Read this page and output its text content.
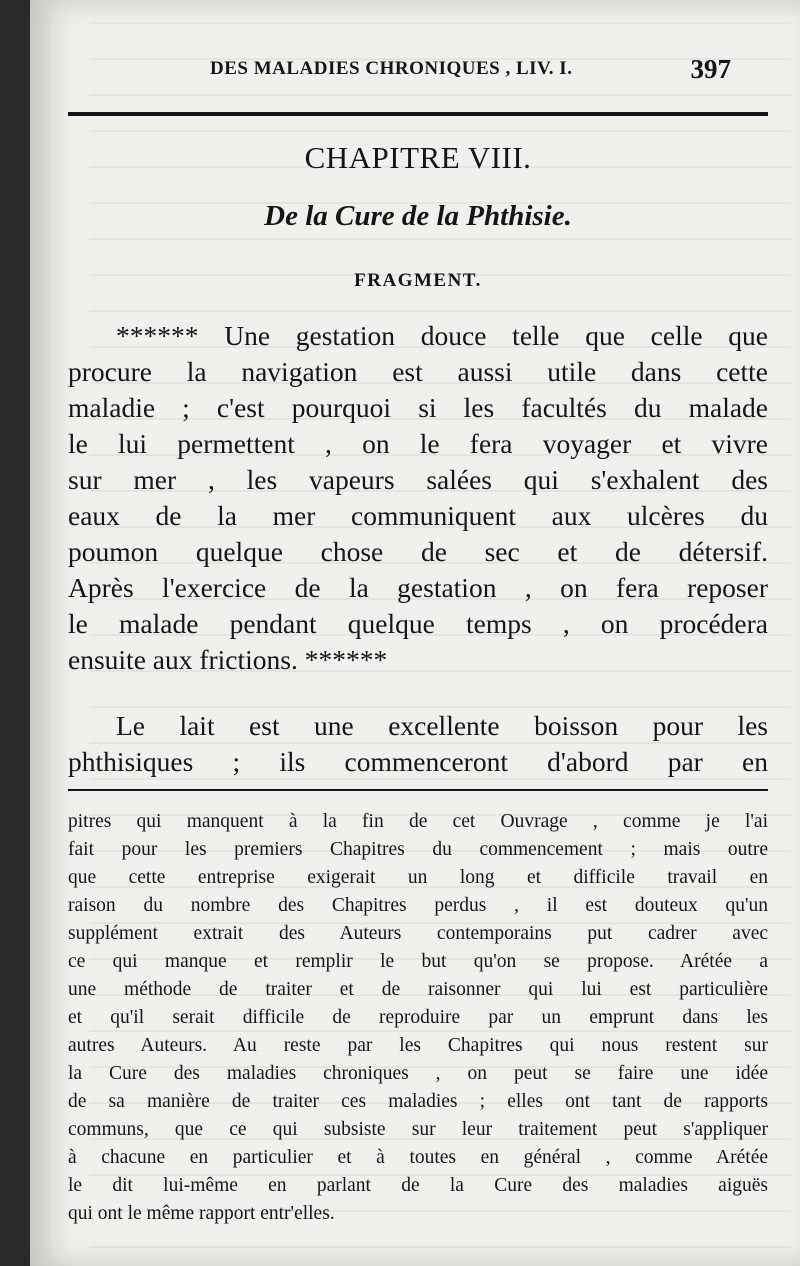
DES MALADIES CHRONIQUES , LIV. I.	397
CHAPITRE VIII.
De la Cure de la Phthisie.
FRAGMENT.
****** Une gestation douce telle que celle que
procure la navigation est aussi utile dans cette
maladie ; c'est pourquoi si les facultés du malade
le lui permettent , on le fera voyager et vivre
sur mer , les vapeurs salées qui s'exhalent des
eaux de la mer communiquent aux ulcères du
poumon quelque chose de sec et de détersif.
Après l'exercice de la gestation , on fera reposer
le malade pendant quelque temps , on procédera
ensuite aux frictions. ******
Le lait est une excellente boisson pour les
phthisiques ; ils commenceront d'abord par en
pitres qui manquent à la fin de cet Ouvrage , comme je l'ai
fait pour les premiers Chapitres du commencement ; mais outre
que cette entreprise exigerait un long et difficile travail en
raison du nombre des Chapitres perdus , il est douteux qu'un
supplément extrait des Auteurs contemporains put cadrer avec
ce qui manque et remplir le but qu'on se propose. Arétée a
une méthode de traiter et de raisonner qui lui est particulière
et qu'il serait difficile de reproduire par un emprunt dans les
autres Auteurs. Au reste par les Chapitres qui nous restent sur
la Cure des maladies chroniques , on peut se faire une idée
de sa manière de traiter ces maladies ; elles ont tant de rapports
communs, que ce qui subsiste sur leur traitement peut s'appliquer
à chacune en particulier et à toutes en général , comme Arétée
le dit lui-même en parlant de la Cure des maladies aiguës
qui ont le même rapport entr'elles.
